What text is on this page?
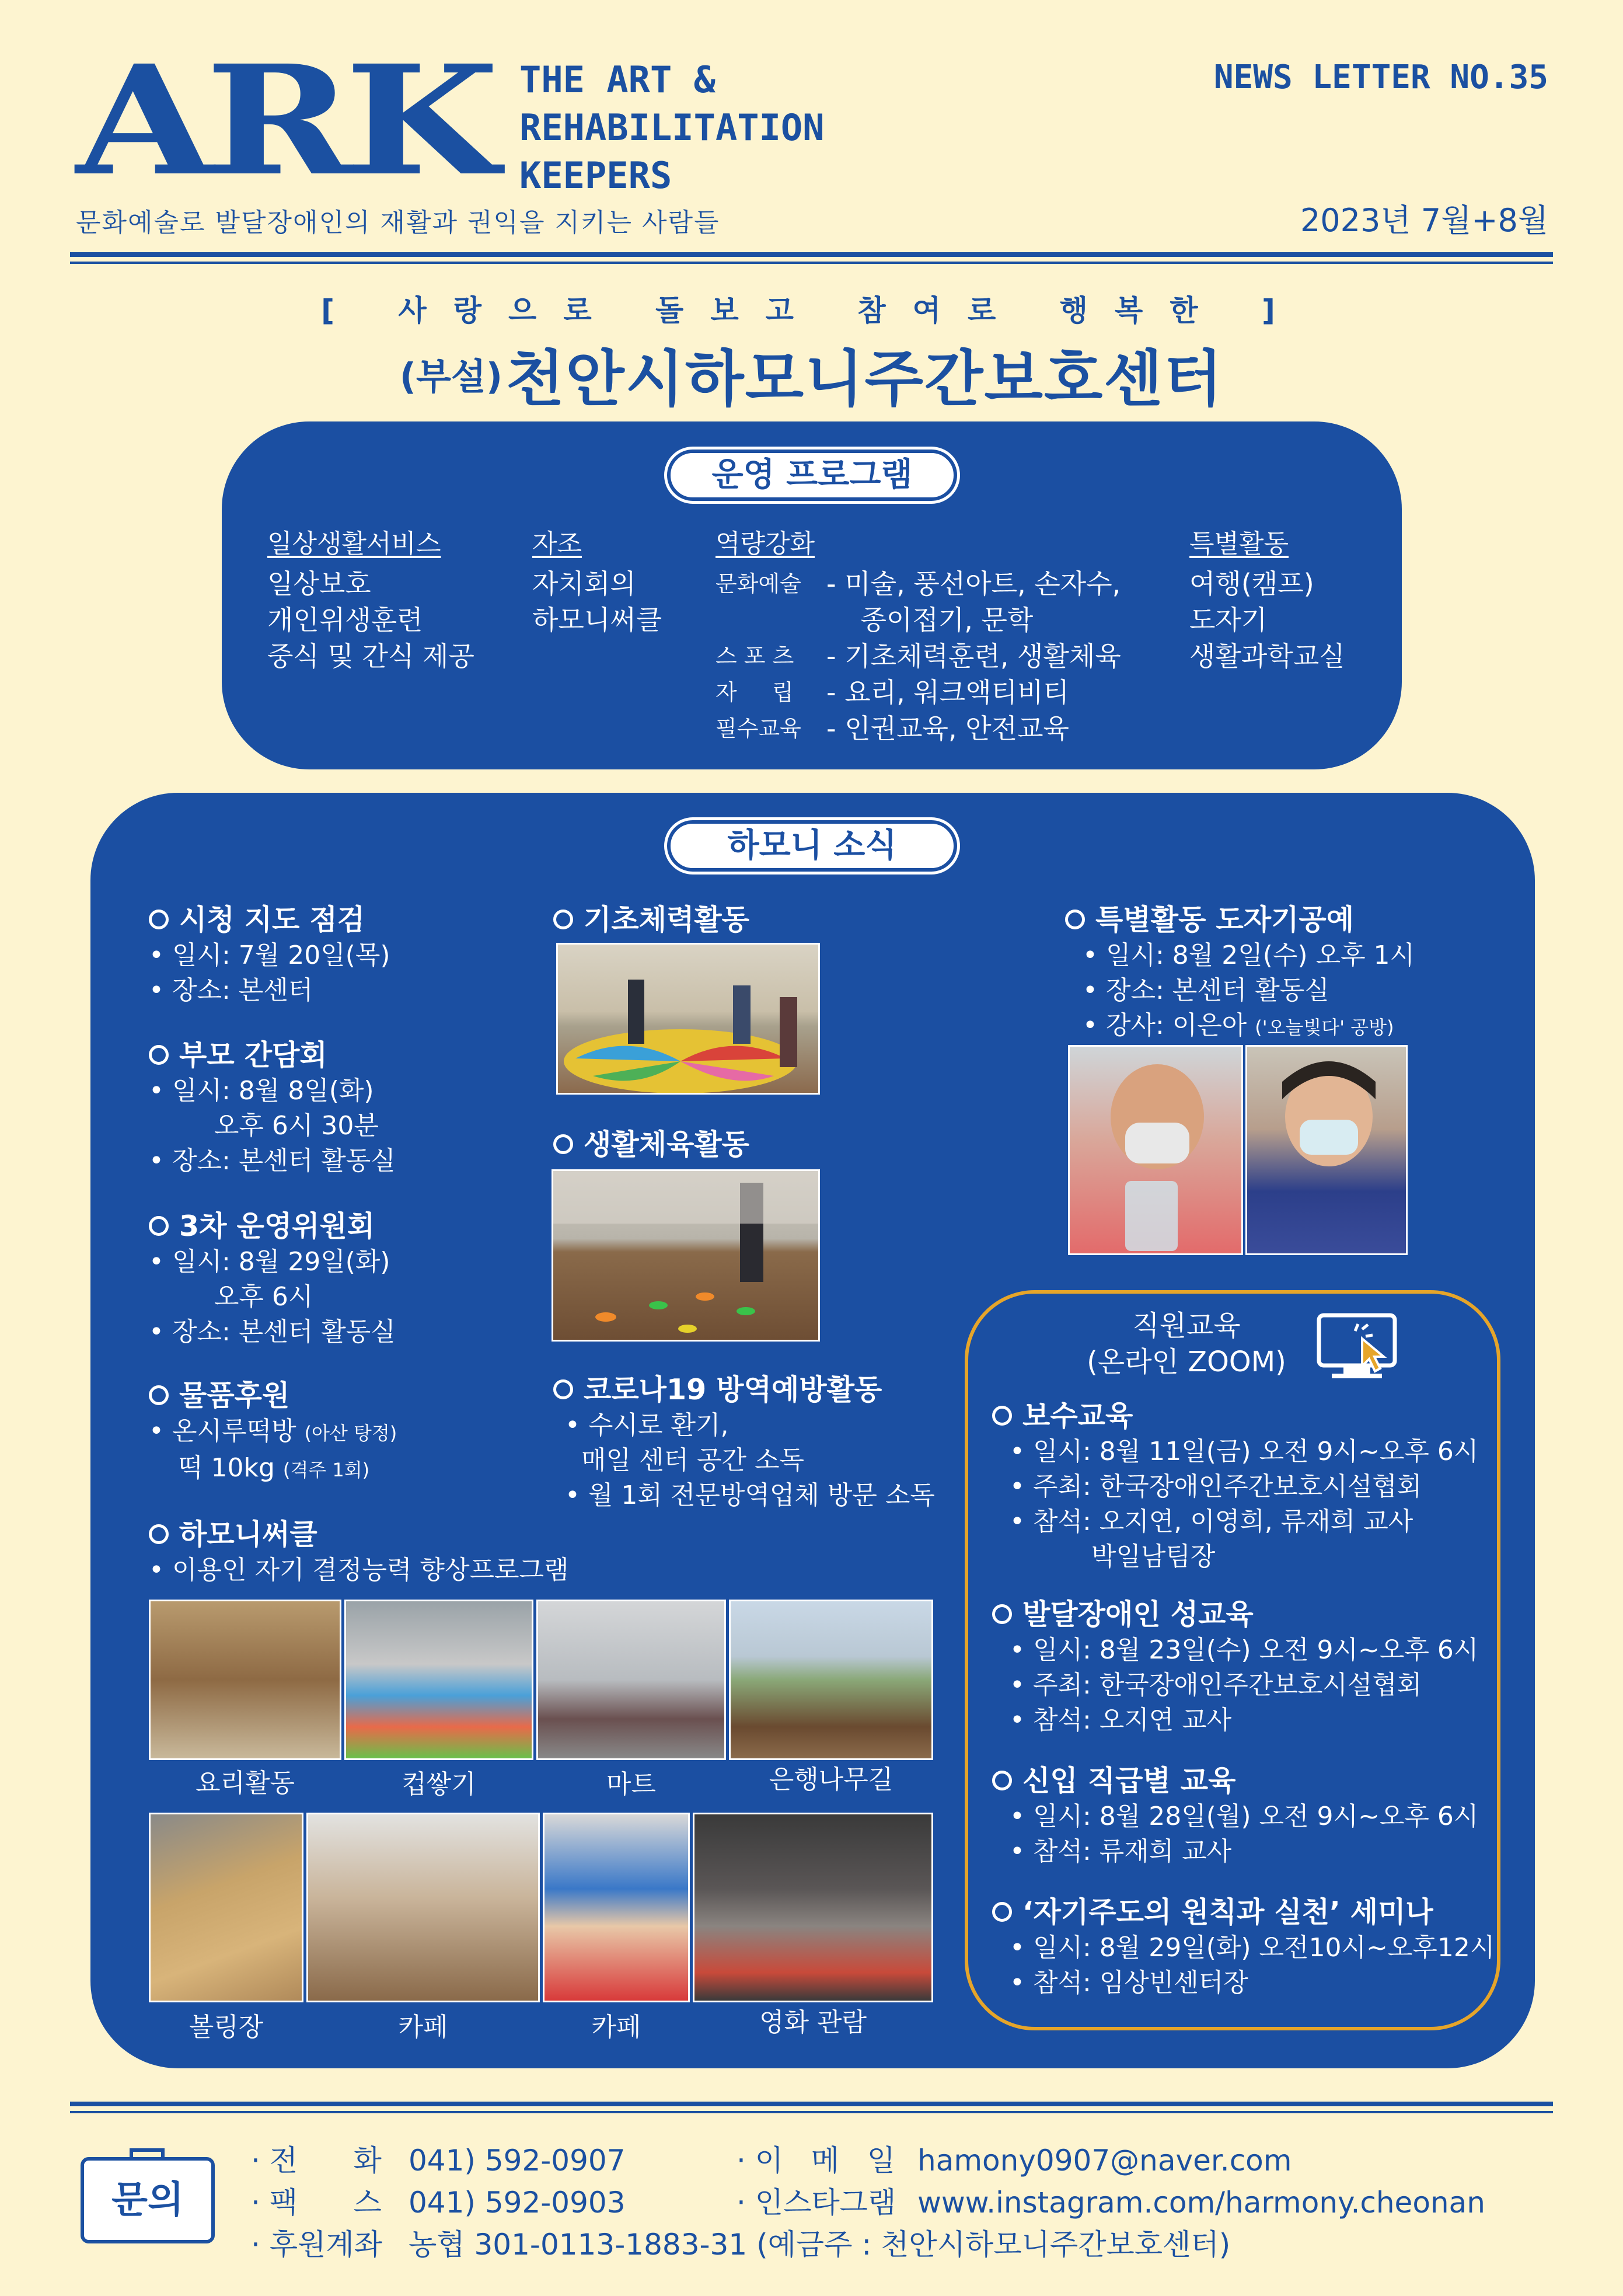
ARK THE ART &
REHABILITATION
KEEPERS
문화예술로 발달장애인의 재활과 권익을 지키는 사람들
NEWS LETTER NO.35
2023년 7월+8월
[ 사랑으로 돌보고 참여로 행복한 ]
(부설) 천안시하모니주간보호센터
운영 프로그램
일상생활서비스
일상보호
개인위생훈련
중식 및 간식 제공
자조
자치회의
하모니써클
역량강화
문화예술 - 미술, 풍선아트, 손자수,
종이접기, 문학
스 포 츠	- 기초체력훈련, 생활체육
자     립	- 요리, 워크액티비티
필수교육 - 인권교육, 안전교육
특별활동
여행(캠프)
도자기
생활과학교실
하모니 소식
시청 지도 점검

• 일시: 7월 20일(목)

• 장소: 본센터

부모 간담회

• 일시: 8월 8일(화)

오후 6시 30분

• 장소: 본센터 활동실

3차 운영위원회

• 일시: 8월 29일(화)

오후 6시

• 장소: 본센터 활동실

물품후원

• 온시루떡방 (아산 탕정)

떡 10kg (격주 1회)

하모니써클

• 이용인 자기 결정능력 향상프로그램

기초체력활동
생활체육활동
코로나19 방역예방활동

• 수시로 환기,

매일 센터 공간 소독

• 월 1회 전문방역업체 방문 소독

특별활동 도자기공예

• 일시: 8월 2일(수) 오후 1시

• 장소: 본센터 활동실

• 강사: 이은아 ('오늘빛다' 공방)

요리활동	컵쌓기	마트	은행나무길
볼링장	카페	카페	영화 관람
직원교육
(온라인 ZOOM)
보수교육

• 일시: 8월 11일(금) 오전 9시~오후 6시

• 주최: 한국장애인주간보호시설협회

• 참석: 오지연, 이영희, 류재희 교사

박일남팀장

발달장애인 성교육

• 일시: 8월 23일(수) 오전 9시~오후 6시

• 주최: 한국장애인주간보호시설협회

• 참석: 오지연 교사

신입 직급별 교육

• 일시: 8월 28일(월) 오전 9시~오후 6시

• 참석: 류재희 교사

‘자기주도의 원칙과 실천’ 세미나

• 일시: 8월 29일(화) 오전10시~오후12시

• 참석: 임상빈센터장

문의
· 전      화 041) 592-0907
· 팩      스 041) 592-0903
· 후원계좌 농협 301-0113-1883-31 (예금주 : 천안시하모니주간보호센터)
· 이   메   일 hamony0907@naver.com
· 인스타그램 www.instagram.com/harmony.cheonan
